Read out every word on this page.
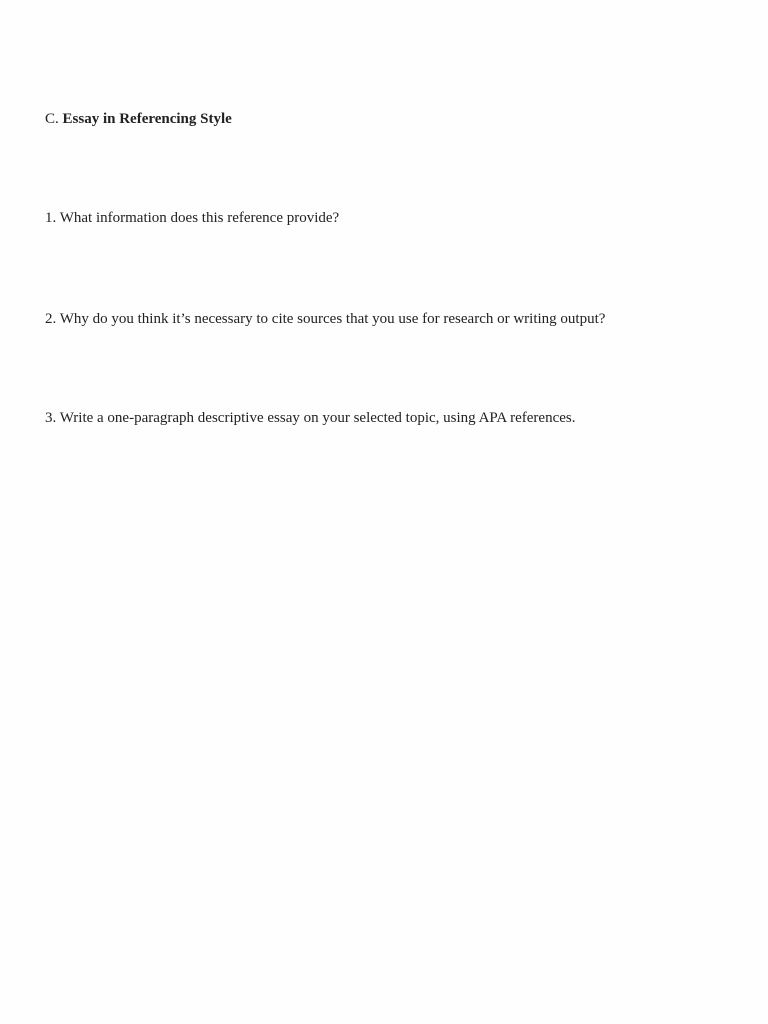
C. Essay in Referencing Style

1. What information does this reference provide?

2. Why do you think it’s necessary to cite sources that you use for research or writing output?

3. Write a one-paragraph descriptive essay on your selected topic, using APA references.
